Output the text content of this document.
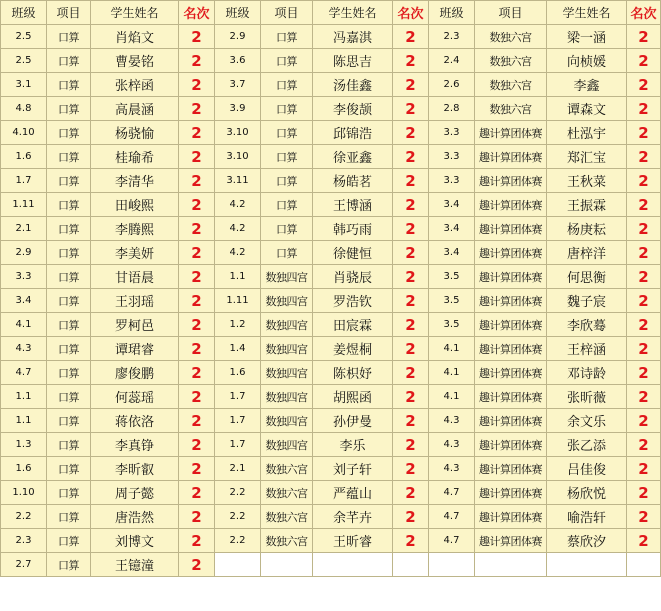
班级	项目	学生姓名	名次	班级	项目	学生姓名	名次	班级	项目	学生姓名	名次
2.5	口算	肖焰文	2	2.9	口算	冯嘉淇	2	2.3	数独六宫	梁一涵	2
2.5	口算	曹晏铭	2	3.6	口算	陈思吉	2	2.4	数独六宫	向桢媛	2
3.1	口算	张梓函	2	3.7	口算	汤佳鑫	2	2.6	数独六宫	李鑫	2
4.8	口算	高晨涵	2	3.9	口算	李俊颉	2	2.8	数独六宫	谭森文	2
4.10	口算	杨骁愉	2	3.10	口算	邱锦浩	2	3.3	趣计算团体赛	杜泓宇	2
1.6	口算	桂瑜希	2	3.10	口算	徐亚鑫	2	3.3	趣计算团体赛	郑汇宝	2
1.7	口算	李清华	2	3.11	口算	杨皓茗	2	3.3	趣计算团体赛	王秋菜	2
1.11	口算	田峻熙	2	4.2	口算	王博涵	2	3.4	趣计算团体赛	王振霖	2
2.1	口算	李腾熙	2	4.2	口算	韩巧雨	2	3.4	趣计算团体赛	杨庚耘	2
2.9	口算	李美妍	2	4.2	口算	徐健恒	2	3.4	趣计算团体赛	唐梓洋	2
3.3	口算	甘语晨	2	1.1	数独四宫	肖骁辰	2	3.5	趣计算团体赛	何思衡	2
3.4	口算	王羽瑶	2	1.11	数独四宫	罗浩钦	2	3.5	趣计算团体赛	魏子宸	2
4.1	口算	罗柯邑	2	1.2	数独四宫	田宸霖	2	3.5	趣计算团体赛	李欣蓦	2
4.3	口算	谭珺睿	2	1.4	数独四宫	姜煜桐	2	4.1	趣计算团体赛	王梓涵	2
4.7	口算	廖俊鹏	2	1.6	数独四宫	陈枳妤	2	4.1	趣计算团体赛	邓诗龄	2
1.1	口算	何蕊瑶	2	1.7	数独四宫	胡熙函	2	4.1	趣计算团体赛	张昕薇	2
1.1	口算	蒋依洛	2	1.7	数独四宫	孙伊曼	2	4.3	趣计算团体赛	余文乐	2
1.3	口算	李真铮	2	1.7	数独四宫	李乐	2	4.3	趣计算团体赛	张乙添	2
1.6	口算	李昕叡	2	2.1	数独六宫	刘子轩	2	4.3	趣计算团体赛	吕佳俊	2
1.10	口算	周子懿	2	2.2	数独六宫	严蕴山	2	4.7	趣计算团体赛	杨欣悦	2
2.2	口算	唐浩然	2	2.2	数独六宫	余芊卉	2	4.7	趣计算团体赛	喻浩轩	2
2.3	口算	刘博文	2	2.2	数独六宫	王昕睿	2	4.7	趣计算团体赛	蔡欣汐	2
2.7	口算	王镱潼	2								
